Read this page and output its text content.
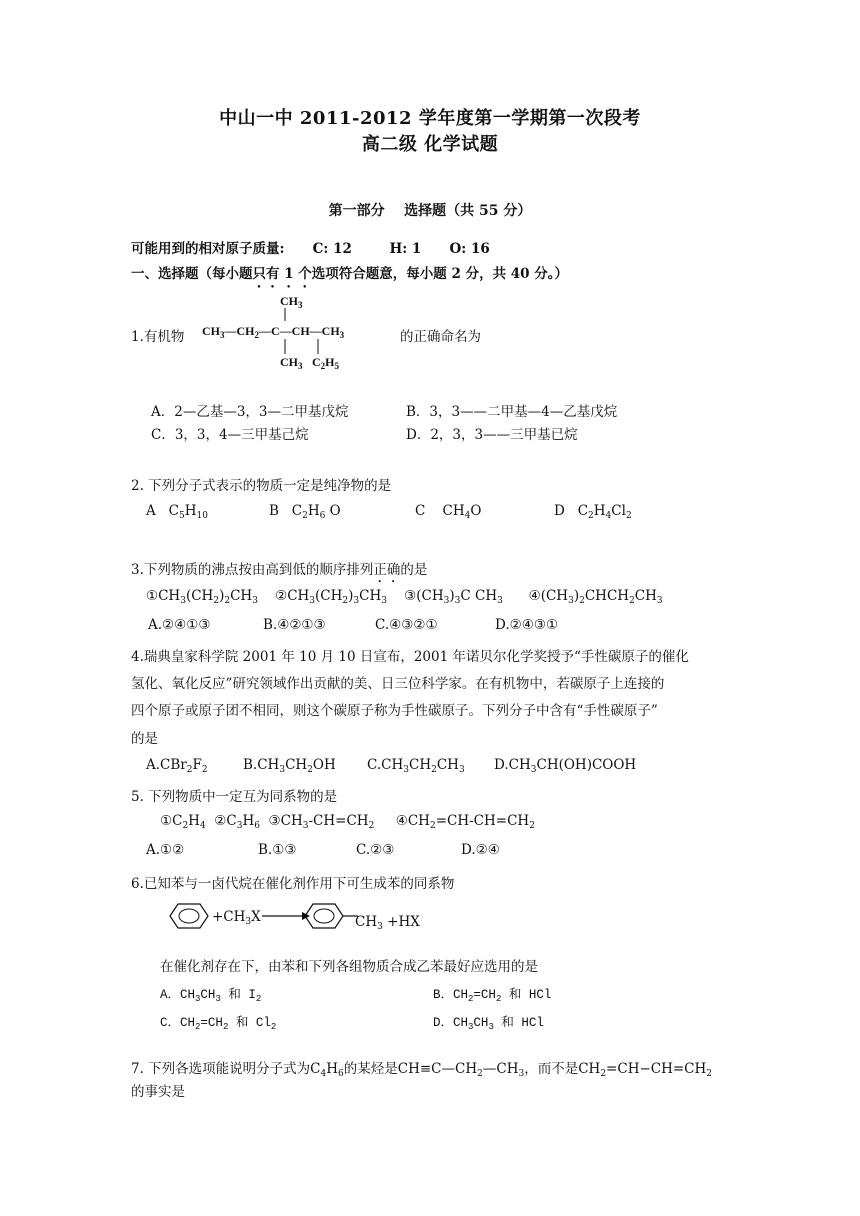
中山一中 2011-2012 学年度第一学期第一次段考
高二级 化学试题
第一部分    选择题（共 55 分）
可能用到的相对原子质量:      C: 12        H: 1      O: 16
一、选择题（每小题只有 1 个选项符合题意，每小题 2 分，共 40 分。）
1.有机物
$CH_3$
$CH_3—CH_2—C—CH—CH_3$
$CH_3$ $C_2H_5$
的正确命名为
A．2—乙基—3，3—二甲基戊烷	B．3，3——二甲基—4—乙基戊烷
C．3，3，4—三甲基己烷	D．2，3，3——三甲基已烷
2. 下列分子式表示的物质一定是纯净物的是
A   $C_5H_{10}$	B   $C_2H_6$ O	C    $CH_4O$	D   $C_2H_4Cl_2$
3.下列物质的沸点按由高到低的顺序排列正确的是
$①CH_3(CH_2)_2CH_3$    $②CH_3(CH_2)_3CH_3$    $③(CH_3)_3C$ $CH_3$      $④(CH_3)_2CHCH_2CH_3$
A.②④①③	B.④②①③	C.④③②①	D.②④③①
4.瑞典皇家科学院 2001 年 10 月 10 日宣布，2001 年诺贝尔化学奖授予“手性碳原子的催化
氢化、氧化反应”研究领域作出贡献的美、日三位科学家。在有机物中，若碳原子上连接的
四个原子或原子团不相同，则这个碳原子称为手性碳原子。下列分子中含有“手性碳原子”
的是
$A.CBr_2F_2$	$B.CH_3CH_2OH$ $C.CH_3CH_2CH_3$ $D.CH_3CH(OH)COOH$
5. 下列物质中一定互为同系物的是
$①C_2H_4$  $②C_3H_6$  $③CH_3-CH=CH_2$     $④CH_2=CH-CH=CH_2$
A.①②	B.①③	C.②③	D.②④
6.已知苯与一卤代烷在催化剂作用下可生成苯的同系物
$+CH_3X$	$CH_3 +HX$
在催化剂存在下，由苯和下列各组物质合成乙苯最好应选用的是
A．$CH_3CH_3$ 和 $I_2$	B．$CH_2=CH_2$ 和 HCl
C．$CH_2=CH_2$ 和 $Cl_2$	D．$CH_3CH_3$ 和 HCl
7. 下列各选项能说明分子式为$C_4H_6$的某烃是$CH\equiv C—CH_2—CH_3$，而不是$CH_2=CH-CH=CH_2$
的事实是
